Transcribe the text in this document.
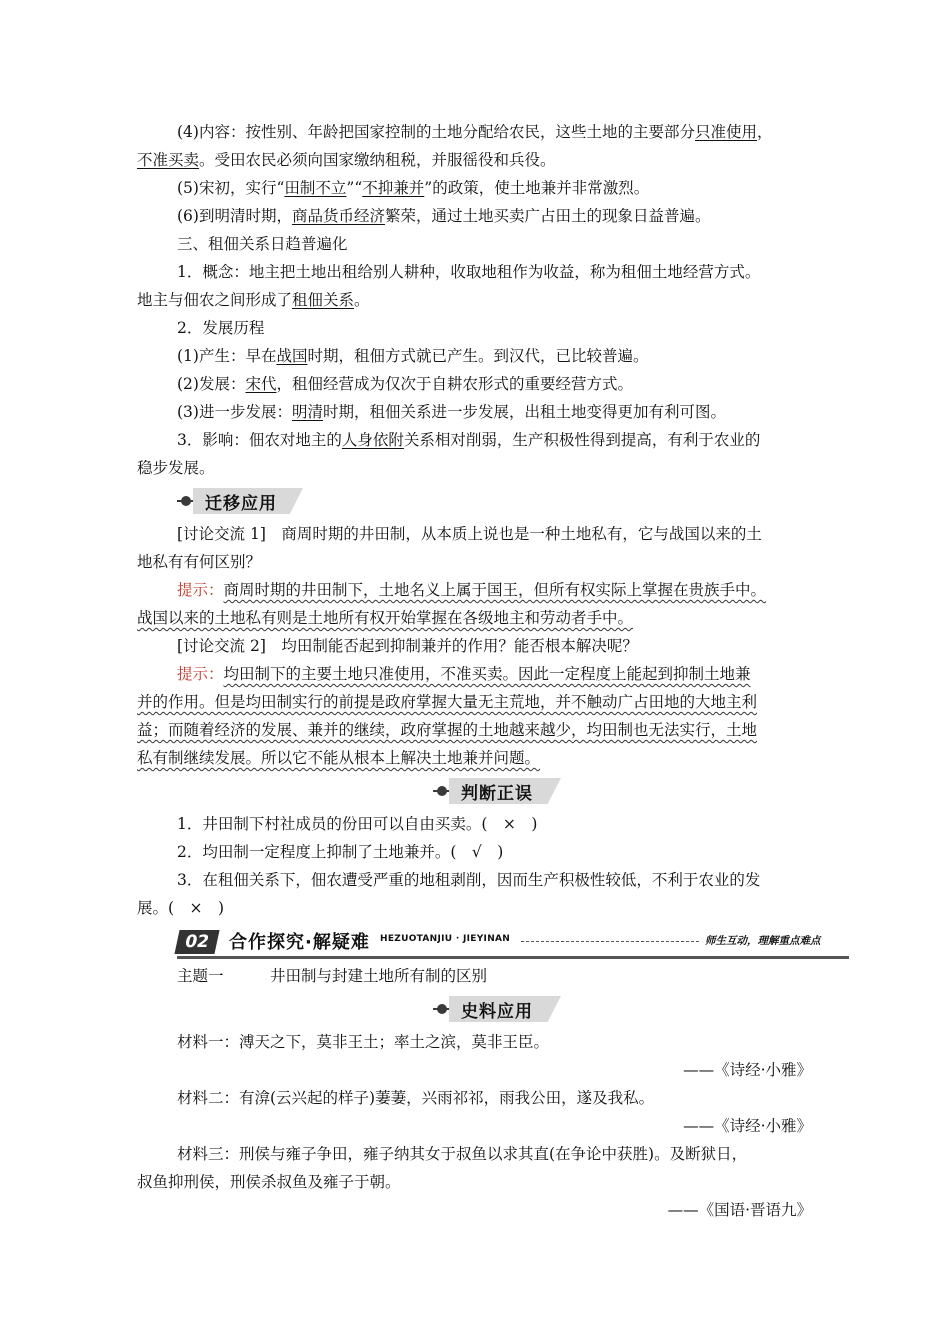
(4)内容：按性别、年龄把国家控制的土地分配给农民，这些土地的主要部分只准使用，

不准买卖。受田农民必须向国家缴纳租税，并服徭役和兵役。

(5)宋初，实行“田制不立”“不抑兼并”的政策，使土地兼并非常激烈。

(6)到明清时期，商品货币经济繁荣，通过土地买卖广占田土的现象日益普遍。

三、租佃关系日趋普遍化

1．概念：地主把土地出租给别人耕种，收取地租作为收益，称为租佃土地经营方式。

地主与佃农之间形成了租佃关系。

2．发展历程

(1)产生：早在战国时期，租佃方式就已产生。到汉代，已比较普遍。

(2)发展：宋代，租佃经营成为仅次于自耕农形式的重要经营方式。

(3)进一步发展：明清时期，租佃关系进一步发展，出租土地变得更加有利可图。

3．影响：佃农对地主的人身依附关系相对削弱，生产积极性得到提高，有利于农业的

稳步发展。

迁移应用

[讨论交流 1]　商周时期的井田制，从本质上说也是一种土地私有，它与战国以来的土

地私有有何区别？

提示：商周时期的井田制下，土地名义上属于国王，但所有权实际上掌握在贵族手中。

战国以来的土地私有则是土地所有权开始掌握在各级地主和劳动者手中。

[讨论交流 2]　均田制能否起到抑制兼并的作用？能否根本解决呢？

提示：均田制下的主要土地只准使用，不准买卖。因此一定程度上能起到抑制土地兼

并的作用。但是均田制实行的前提是政府掌握大量无主荒地，并不触动广占田地的大地主利

益；而随着经济的发展、兼并的继续，政府掌握的土地越来越少，均田制也无法实行，土地

私有制继续发展。所以它不能从根本上解决土地兼并问题。

判断正误

1．井田制下村社成员的份田可以自由买卖。(　×　)

2．均田制一定程度上抑制了土地兼并。(　√　)

3．在租佃关系下，佃农遭受严重的地租剥削，因而生产积极性较低，不利于农业的发

展。(　×　)

02	合作探究·解疑难 HEZUOTANJIU · JIEYINAN	师生互动，理解重点难点

主题一　　　井田制与封建土地所有制的区别

史料应用

材料一：溥天之下，莫非王土；率土之滨，莫非王臣。

——《诗经·小雅》

材料二：有渰(云兴起的样子)萋萋，兴雨祁祁，雨我公田，遂及我私。

——《诗经·小雅》

材料三：刑侯与雍子争田，雍子纳其女于叔鱼以求其直(在争论中获胜)。及断狱日，

叔鱼抑刑侯，刑侯杀叔鱼及雍子于朝。

——《国语·晋语九》
